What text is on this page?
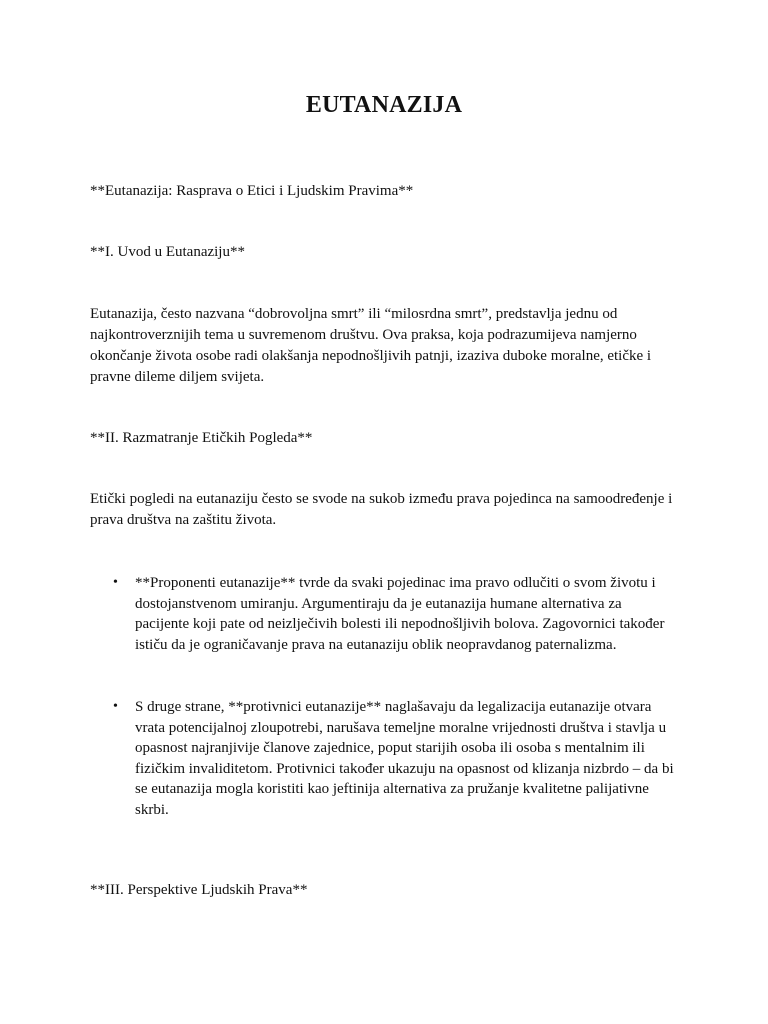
EUTANAZIJA
**Eutanazija: Rasprava o Etici i Ljudskim Pravima**
**I. Uvod u Eutanaziju**
Eutanazija, često nazvana “dobrovoljna smrt” ili “milosrdna smrt”, predstavlja jednu od
najkontroverznijih tema u suvremenom društvu. Ova praksa, koja podrazumijeva namjerno
okončanje života osobe radi olakšanja nepodnošljivih patnji, izaziva duboke moralne, etičke i
pravne dileme diljem svijeta.
**II. Razmatranje Etičkih Pogleda**
Etički pogledi na eutanaziju često se svode na sukob između prava pojedinca na samoodređenje i
prava društva na zaštitu života.
• **Proponenti eutanazije** tvrde da svaki pojedinac ima pravo odlučiti o svom životu i
dostojanstvenom umiranju. Argumentiraju da je eutanazija humane alternativa za
pacijente koji pate od neizlječivih bolesti ili nepodnošljivih bolova. Zagovornici također
ističu da je ograničavanje prava na eutanaziju oblik neopravdanog paternalizma.
• S druge strane, **protivnici eutanazije** naglašavaju da legalizacija eutanazije otvara
vrata potencijalnoj zloupotrebi, narušava temeljne moralne vrijednosti društva i stavlja u
opasnost najranjivije članove zajednice, poput starijih osoba ili osoba s mentalnim ili
fizičkim invaliditetom. Protivnici također ukazuju na opasnost od klizanja nizbrdo – da bi
se eutanazija mogla koristiti kao jeftinija alternativa za pružanje kvalitetne palijativne
skrbi.
**III. Perspektive Ljudskih Prava**
